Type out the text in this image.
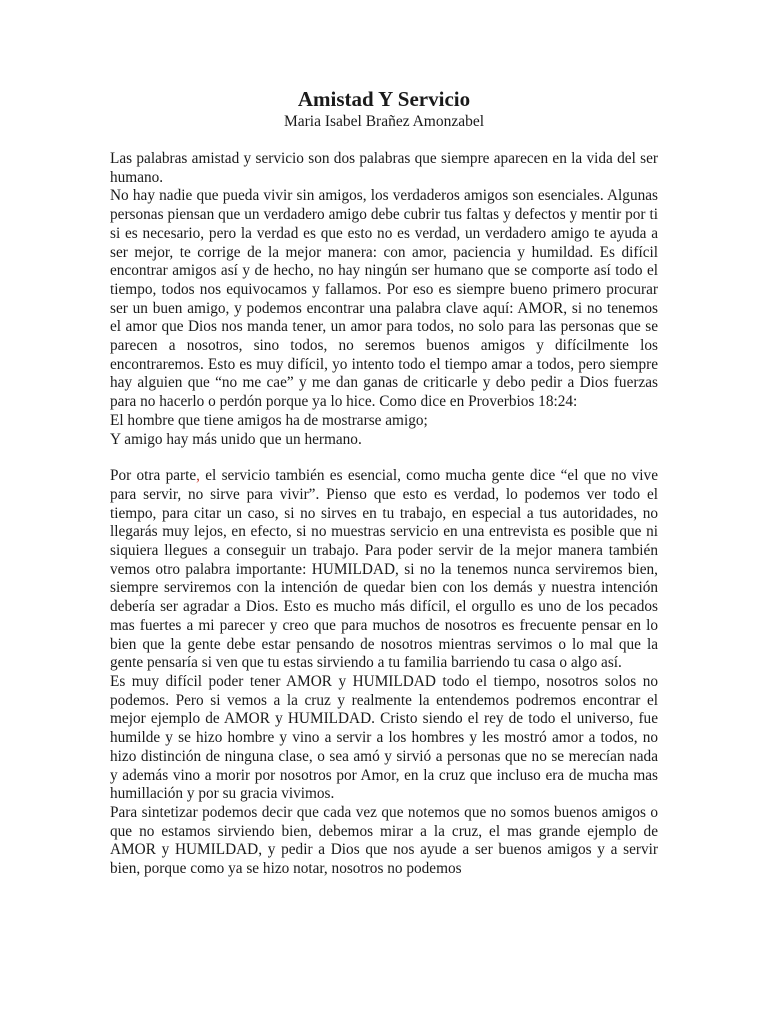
Amistad Y Servicio

Maria Isabel Brañez Amonzabel

Las palabras amistad y servicio son dos palabras que siempre aparecen en la vida del ser humano.

No hay nadie que pueda vivir sin amigos, los verdaderos amigos son esenciales. Algunas personas piensan que un verdadero amigo debe cubrir tus faltas y defectos y mentir por ti si es necesario, pero la verdad es que esto no es verdad, un verdadero amigo te ayuda a ser mejor, te corrige de la mejor manera: con amor, paciencia y humildad. Es difícil encontrar amigos así y de hecho, no hay ningún ser humano que se comporte así todo el tiempo, todos nos equivocamos y fallamos. Por eso es siempre bueno primero procurar ser un buen amigo, y podemos encontrar una palabra clave aquí: AMOR, si no tenemos el amor que Dios nos manda tener, un amor para todos, no solo para las personas que se parecen a nosotros, sino todos, no seremos buenos amigos y difícilmente los encontraremos. Esto es muy difícil, yo intento todo el tiempo amar a todos, pero siempre hay alguien que “no me cae” y me dan ganas de criticarle y debo pedir a Dios fuerzas para no hacerlo o perdón porque ya lo hice. Como dice en Proverbios 18:24:

El hombre que tiene amigos ha de mostrarse amigo;

Y amigo hay más unido que un hermano.

Por otra parte, el servicio también es esencial, como mucha gente dice “el que no vive para servir, no sirve para vivir”. Pienso que esto es verdad, lo podemos ver todo el tiempo, para citar un caso, si no sirves en tu trabajo, en especial a tus autoridades, no llegarás muy lejos, en efecto, si no muestras servicio en una entrevista es posible que ni siquiera llegues a conseguir un trabajo. Para poder servir de la mejor manera también vemos otro palabra importante: HUMILDAD, si no la tenemos nunca serviremos bien, siempre serviremos con la intención de quedar bien con los demás y nuestra intención debería ser agradar a Dios. Esto es mucho más difícil, el orgullo es uno de los pecados mas fuertes a mi parecer y creo que para muchos de nosotros es frecuente pensar en lo bien que la gente debe estar pensando de nosotros mientras servimos o lo mal que la gente pensaría si ven que tu estas sirviendo a tu familia barriendo tu casa o algo así.

Es muy difícil poder tener AMOR y HUMILDAD todo el tiempo, nosotros solos no podemos. Pero si vemos a la cruz y realmente la entendemos podremos encontrar el mejor ejemplo de AMOR y HUMILDAD. Cristo siendo el rey de todo el universo, fue humilde y se hizo hombre y vino a servir a los hombres y les mostró amor a todos, no hizo distinción de ninguna clase, o sea amó y sirvió a personas que no se merecían nada y además vino a morir por nosotros por Amor, en la cruz que incluso era de mucha mas humillación y por su gracia vivimos.

Para sintetizar podemos decir que cada vez que notemos que no somos buenos amigos o que no estamos sirviendo bien, debemos mirar a la cruz, el mas grande ejemplo de AMOR y HUMILDAD, y pedir a Dios que nos ayude a ser buenos amigos y a servir bien, porque como ya se hizo notar, nosotros no podemos
